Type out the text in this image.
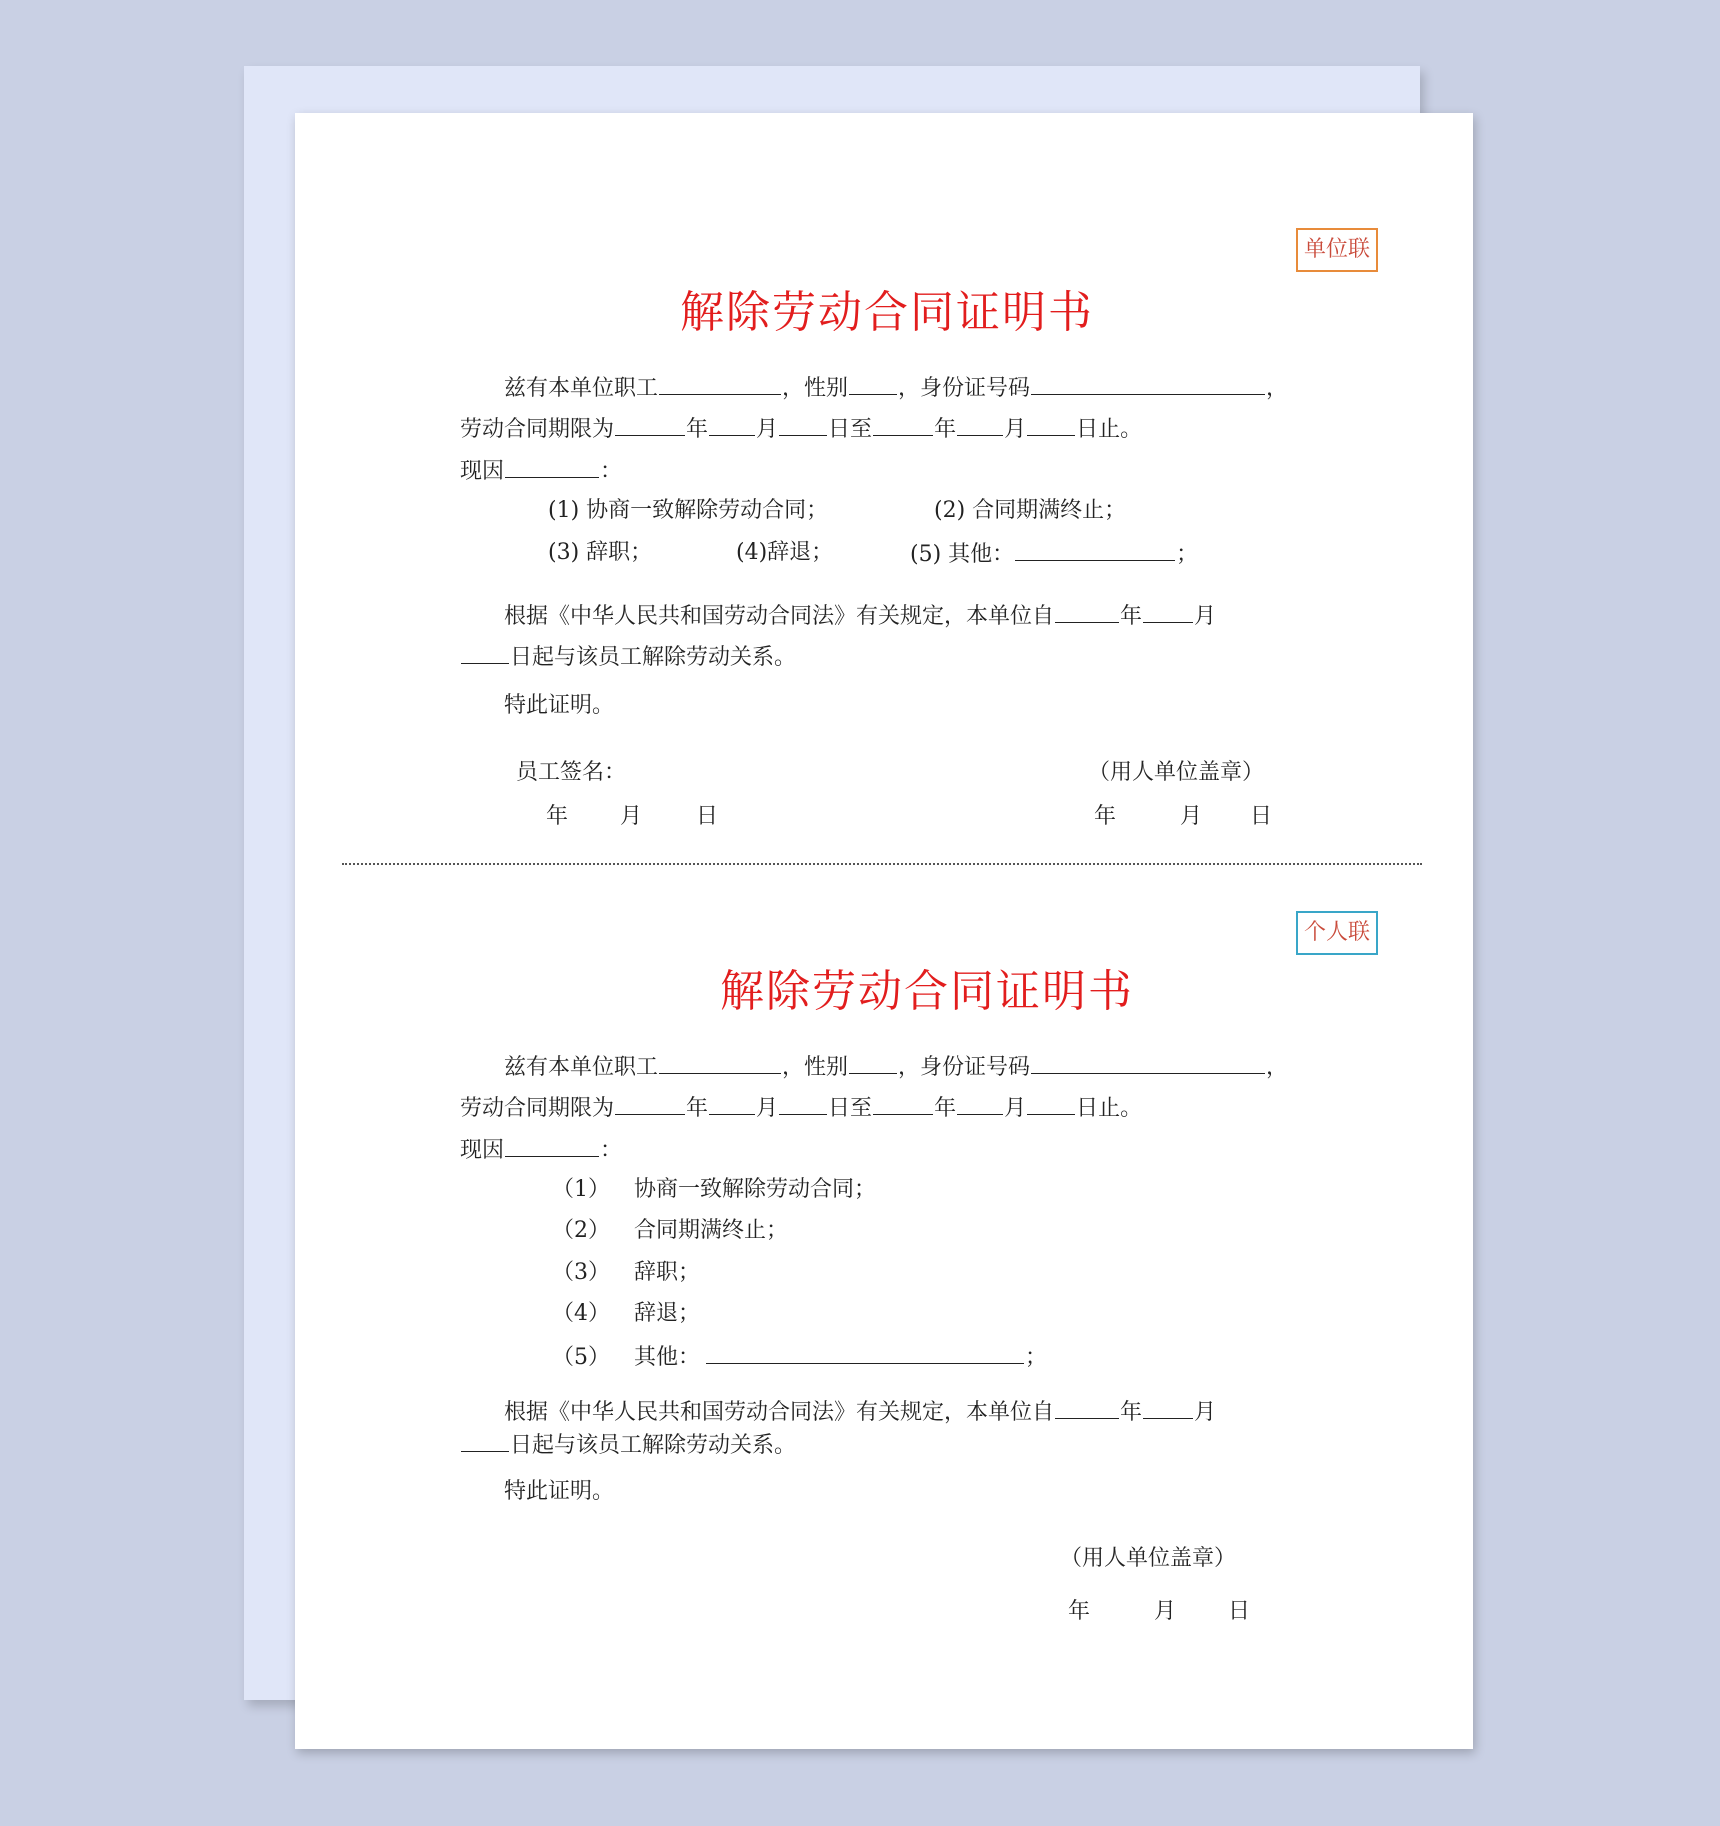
单位联
解除劳动合同证明书
兹有本单位职工	，性别 ，身份证号码	，
劳动合同期限为	年 月 日至	年 月 日止。
现因	：
(1) 协商一致解除劳动合同；	(2) 合同期满终止；
(3) 辞职；	(4)辞退；	(5) 其他：	；
根据《中华人民共和国劳动合同法》有关规定，本单位自	年 月
日起与该员工解除劳动关系。
特此证明。
员工签名：	（用人单位盖章）
年 月 日	年	月 日
个人联
解除劳动合同证明书
兹有本单位职工	，性别 ，身份证号码	，
劳动合同期限为	年 月 日至	年 月 日止。
现因	：
（1） 协商一致解除劳动合同；
（2） 合同期满终止；
（3） 辞职；
（4） 辞退；
（5） 其他：	；
根据《中华人民共和国劳动合同法》有关规定，本单位自	年 月
日起与该员工解除劳动关系。
特此证明。
（用人单位盖章）
年	月 日
